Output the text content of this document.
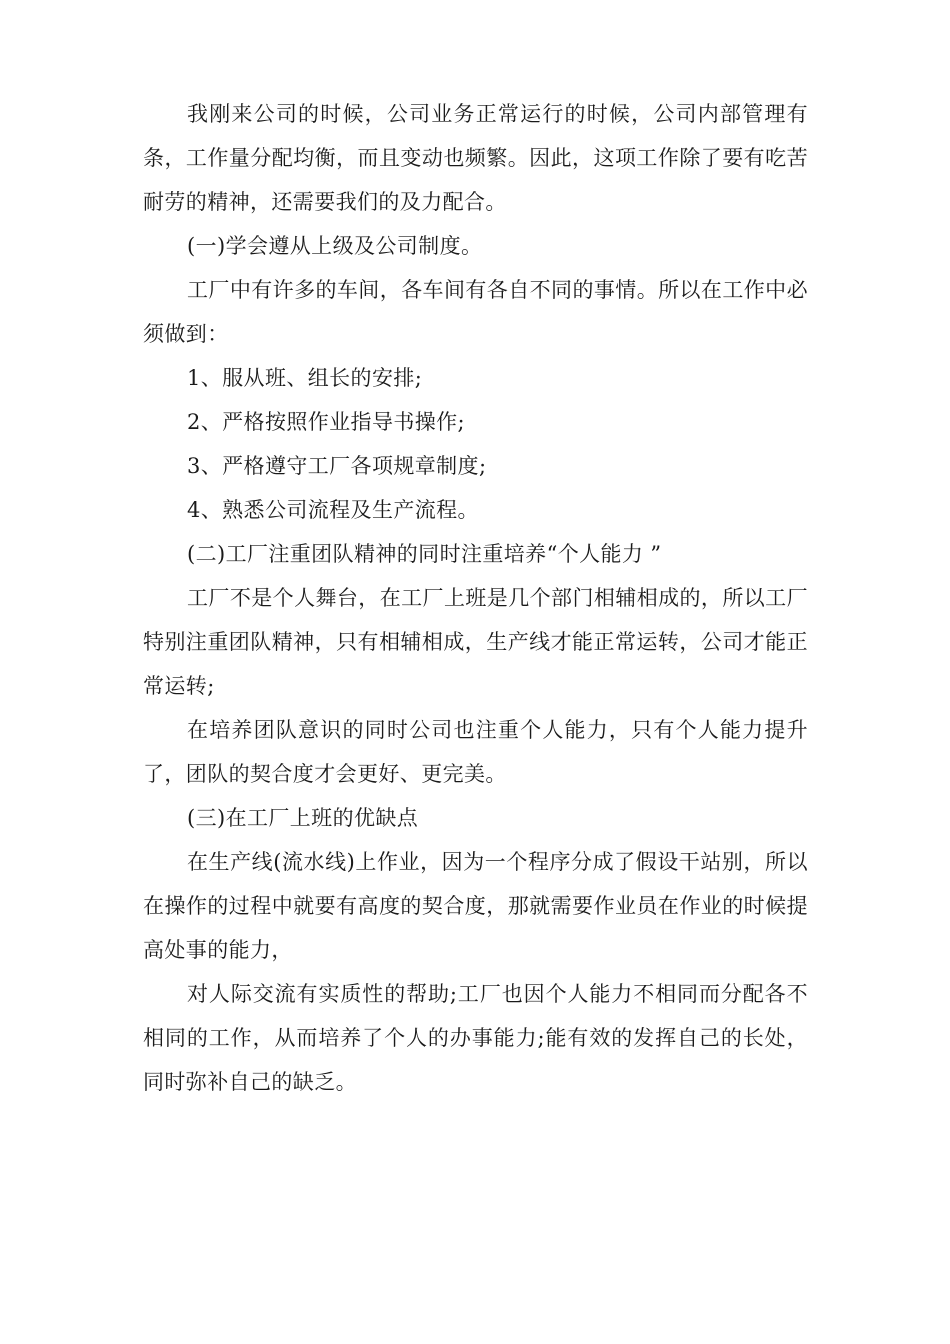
我刚来公司的时候，公司业务正常运行的时候，公司内部管理有条，工作量分配均衡，而且变动也频繁。因此，这项工作除了要有吃苦耐劳的精神，还需要我们的及力配合。

(一)学会遵从上级及公司制度。

工厂中有许多的车间，各车间有各自不同的事情。所以在工作中必须做到：

1、服从班、组长的安排;

2、严格按照作业指导书操作;

3、严格遵守工厂各项规章制度;

4、熟悉公司流程及生产流程。

(二)工厂注重团队精神的同时注重培养“个人能力 ”

工厂不是个人舞台，在工厂上班是几个部门相辅相成的，所以工厂特别注重团队精神，只有相辅相成，生产线才能正常运转，公司才能正常运转;

在培养团队意识的同时公司也注重个人能力，只有个人能力提升了，团队的契合度才会更好、更完美。

(三)在工厂上班的优缺点

在生产线(流水线)上作业，因为一个程序分成了假设干站别，所以在操作的过程中就要有高度的契合度，那就需要作业员在作业的时候提高处事的能力，

对人际交流有实质性的帮助;工厂也因个人能力不相同而分配各不相同的工作，从而培养了个人的办事能力;能有效的发挥自己的长处，同时弥补自己的缺乏。
